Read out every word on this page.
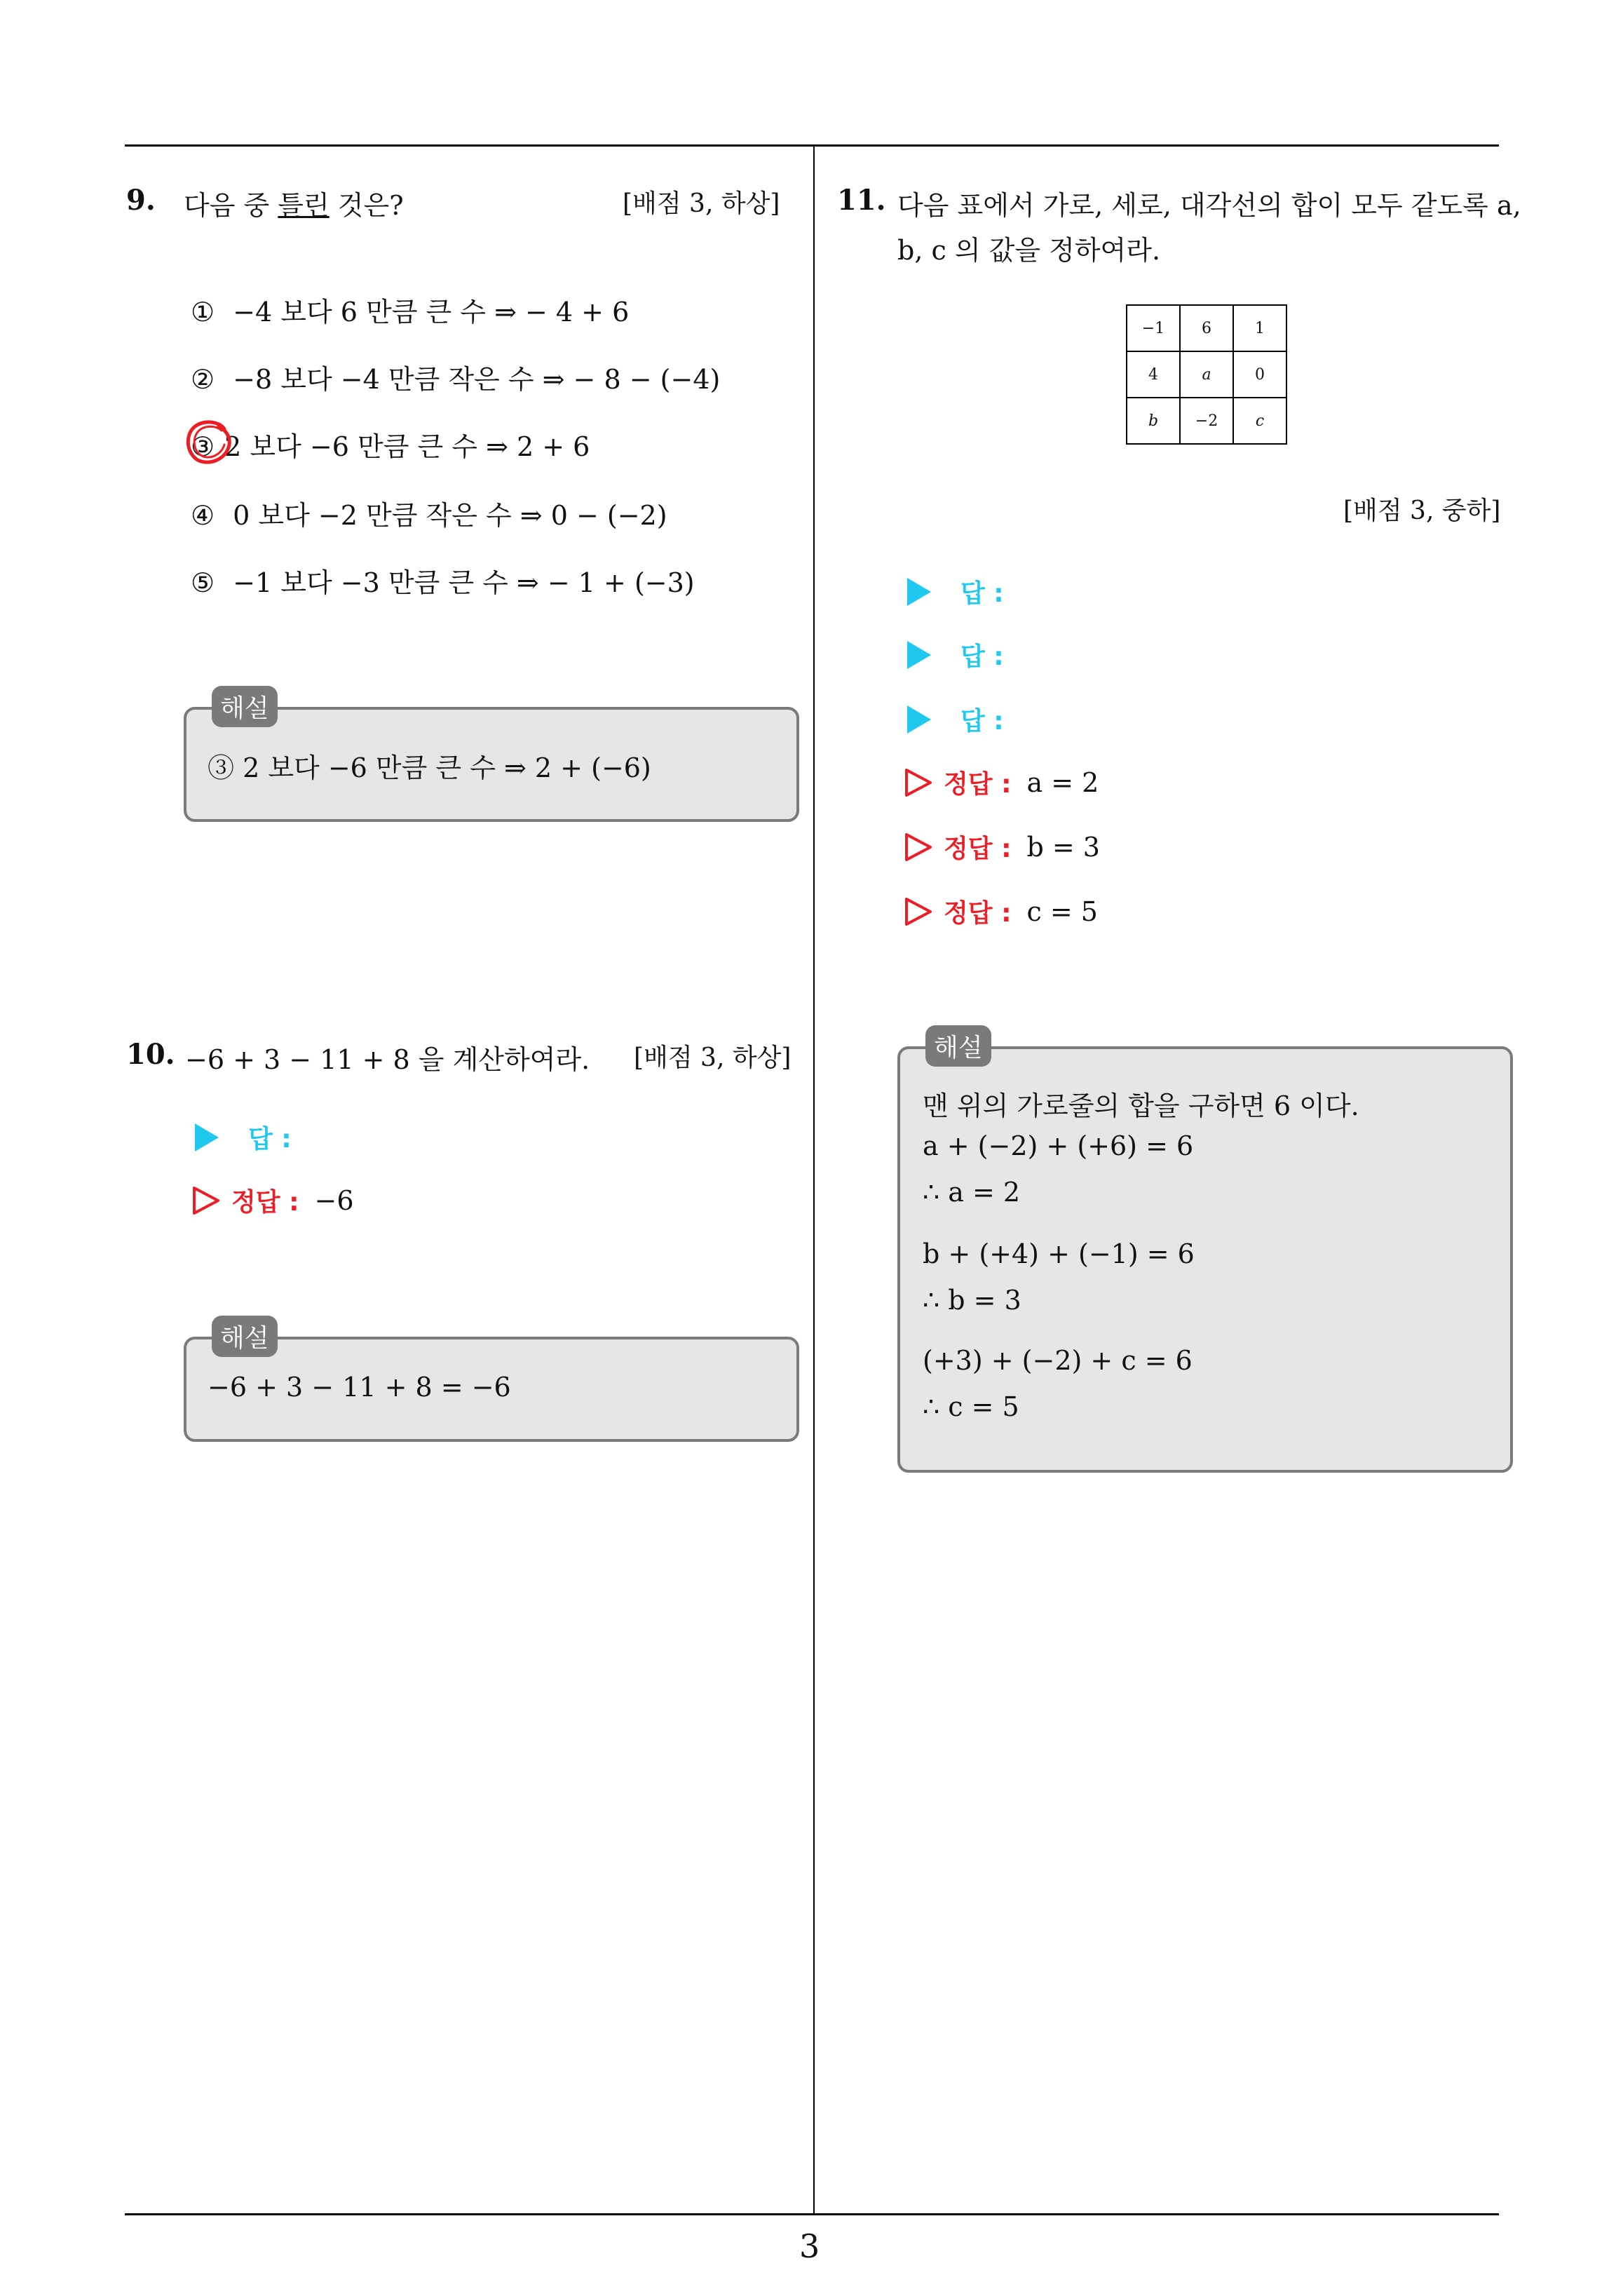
3
9. 다음 중 틀린 것은?	[배점 3, 하상]
① −4 보다 6 만큼 큰 수 ⇒ − 4 + 6
② −8 보다 −4 만큼 작은 수 ⇒ − 8 − (−4)
③ 2 보다 −6 만큼 큰 수 ⇒ 2 + 6
④ 0 보다 −2 만큼 작은 수 ⇒ 0 − (−2)
⑤ −1 보다 −3 만큼 큰 수 ⇒ − 1 + (−3)
해설
③ 2 보다 −6 만큼 큰 수 ⇒ 2 + (−6)
10. −6 + 3 − 11 + 8 을 계산하여라. [배점 3, 하상]
답 :
정답 : −6
해설
−6 + 3 − 11 + 8 = −6
11. 다음 표에서 가로, 세로, 대각선의 합이 모두 같도록 a,
b, c 의 값을 정하여라.
−1	6	1
4	a	0
b	−2	c
[배점 3, 중하]
답 :
답 :
답 :
정답 : a = 2
정답 : b = 3
정답 : c = 5
해설
맨 위의 가로줄의 합을 구하면 6 이다.
a + (−2) + (+6) = 6
∴ a = 2
b + (+4) + (−1) = 6
∴ b = 3
(+3) + (−2) + c = 6
∴ c = 5
